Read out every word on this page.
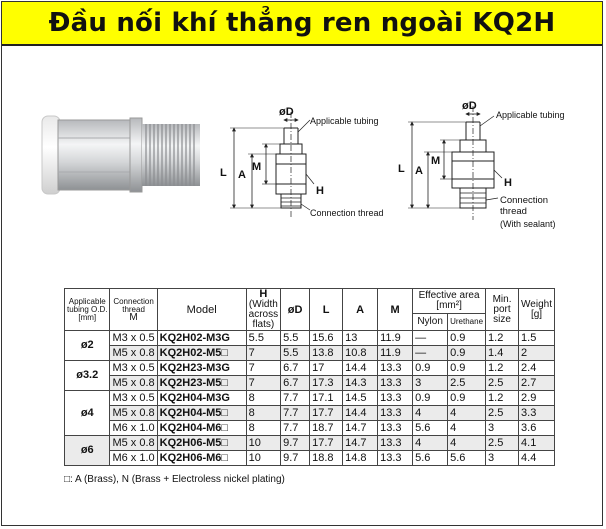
Đầu nối khí thẳng ren ngoài KQ2H
øD
Applicable tubing
L A
M
H
Connection thread
øD
Applicable tubing
L A
M
H
Connection
thread
(With sealant)
Applicable
tubing O.D.
[mm]	Connection
thread
M	Model	H
(Width
across
flats)	øD	L	A	M	Effective area
[mm²]		Min.
port
size	Weight
[g]
								Nylon	Urethane		
ø2	M3 x 0.5	KQ2H02-M3G	5.5	5.5	15.6	13	11.9	—	0.9	1.2	1.5
	M5 x 0.8	KQ2H02-M5□	7	5.5	13.8	10.8	11.9	—	0.9	1.4	2
ø3.2	M3 x 0.5	KQ2H23-M3G	7	6.7	17	14.4	13.3	0.9	0.9	1.2	2.4
	M5 x 0.8	KQ2H23-M5□	7	6.7	17.3	14.3	13.3	3	2.5	2.5	2.7
ø4	M3 x 0.5	KQ2H04-M3G	8	7.7	17.1	14.5	13.3	0.9	0.9	1.2	2.9
	M5 x 0.8	KQ2H04-M5□	8	7.7	17.7	14.4	13.3	4	4	2.5	3.3
	M6 x 1.0	KQ2H04-M6□	8	7.7	18.7	14.7	13.3	5.6	4	3	3.6
ø6	M5 x 0.8	KQ2H06-M5□	10	9.7	17.7	14.7	13.3	4	4	2.5	4.1
	M6 x 1.0	KQ2H06-M6□	10	9.7	18.8	14.8	13.3	5.6	5.6	3	4.4
□: A (Brass), N (Brass + Electroless nickel plating)
